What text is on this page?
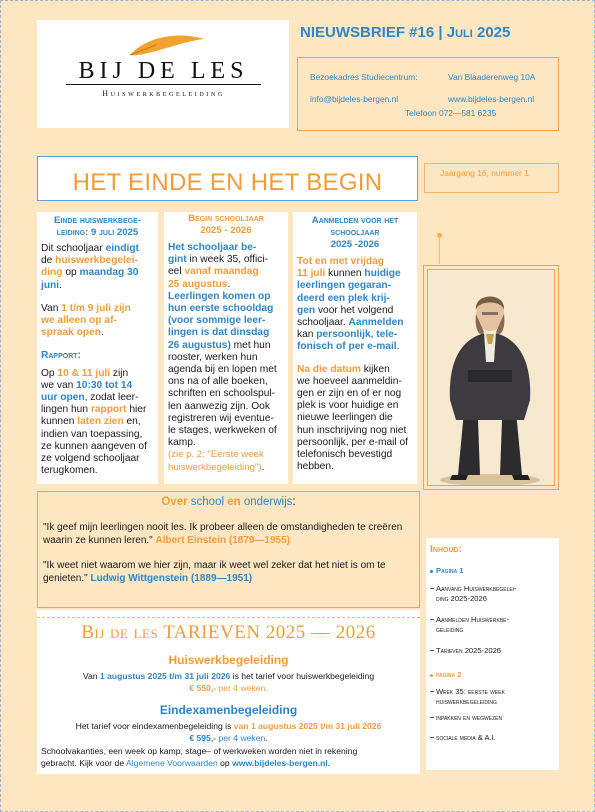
BIJ DE LES
Huiswerkbegeleiding
NIEUWSBRIEF #16 | Juli 2025
Bezoekadres Studiecentrum:	Van Blaaderenweg 10A
info@bijdeles-bergen.nl	www.bijdeles-bergen.nl
Telefoon 072—581 6235
HET EINDE EN HET BEGIN	Jaargang 16, nummer 1
Einde huiswerkbege-
leiding: 9 juli 2025
Dit schooljaar eindigt
de huiswerkbegelei-
ding op maandag 30
juni.
Van 1 t/m 9 juli zijn
we alleen op af-
spraak open.
Rapport:
Op 10 & 11 juli zijn
we van 10:30 tot 14
uur open, zodat leer-
lingen hun rapport hier
kunnen laten zien en,
indien van toepassing,
ze kunnen aangeven of
ze volgend schooljaar
terugkomen.
Begin schooljaar
2025 - 2026
Het schooljaar be-
gint in week 35, offici-
eel vanaf maandag
25 augustus.
Leerlingen komen op
hun eerste schooldag
(voor sommige leer-
lingen is dat dinsdag
26 augustus) met hun
rooster, werken hun
agenda bij en lopen met
ons na of alle boeken,
schriften en schoolspul-
len aanwezig zijn. Ook
registreren wij eventue-
le stages, werkweken of
kamp.
(zie p. 2: "Eerste week
huiswerkbegeleiding").
Aanmelden voor het
schooljaar
2025 -2026
Tot en met vrijdag
11 juli kunnen huidige
leerlingen gegaran-
deerd een plek krij-
gen voor het volgend
schooljaar. Aanmelden
kan persoonlijk, tele-
fonisch of per e-mail.

Na die datum kijken
we hoeveel aanmeldin-
gen er zijn en of er nog
plek is voor huidige en
nieuwe leerlingen die
hun inschrijving nog niet
persoonlijk, per e-mail of
telefonisch bevestigd
hebben.
Over school en onderwijs:
"Ik geef mijn leerlingen nooit les. Ik probeer alleen de omstandigheden te creëren waarin ze kunnen leren." Albert Einstein (1879—1955)
"Ik weet niet waarom we hier zijn, maar ik weet wel zeker dat het niet is om te genieten." Ludwig Wittgenstein (1889—1951)
Inhoud:
Pagina 1
Aanvang Huiswerkbegelei-
ding 2025-2026
Aanmelden Huiswerkbe-
geleiding
Tarieven 2025-2026
pagina 2
Week 35: eerste week
huiswerkbegeleiding
inpakken en wegwezen
sociale media & A.I.
Bij de les TARIEVEN 2025 — 2026
Huiswerkbegeleiding
Van 1 augustus 2025 t/m 31 juli 2026 is het tarief voor huiswerkbegeleiding
€ 550,- per 4 weken.
Eindexamenbegeleiding
Het tarief voor eindexamenbegeleiding is van 1 augustus 2025 t/m 31 juli 2026
€ 595,- per 4 weken.
Schoolvakanties, een week op kamp, stage– of werkweken worden niet in rekening
gebracht. Kijk voor de Algemene Voorwaarden op www.bijdeles-bergen.nl.
